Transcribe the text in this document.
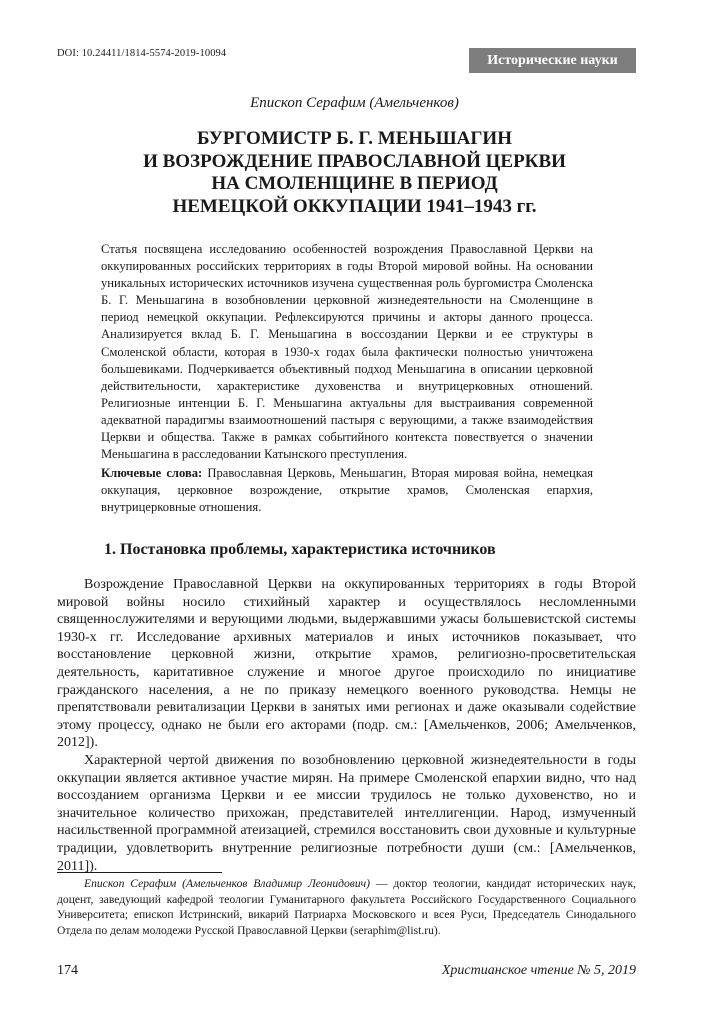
DOI: 10.24411/1814-5574-2019-10094	Исторические науки
Епископ Серафим (Амельченков)
БУРГОМИСТР Б. Г. МЕНЬШАГИН
И ВОЗРОЖДЕНИЕ ПРАВОСЛАВНОЙ ЦЕРКВИ
НА СМОЛЕНЩИНЕ В ПЕРИОД
НЕМЕЦКОЙ ОККУПАЦИИ 1941–1943 гг.
Статья посвящена исследованию особенностей возрождения Православной Церкви на оккупированных российских территориях в годы Второй мировой войны. На основании уникальных исторических источников изучена существенная роль бургомистра Смоленска Б. Г. Меньшагина в возобновлении церковной жизнедеятельности на Смоленщине в период немецкой оккупации. Рефлексируются причины и акторы данного процесса. Анализируется вклад Б. Г. Меньшагина в воссоздании Церкви и ее структуры в Смоленской области, которая в 1930-х годах была фактически полностью уничтожена большевиками. Подчеркивается объективный подход Меньшагина в описании церковной действительности, характеристике духовенства и внутрицерковных отношений. Религиозные интенции Б. Г. Меньшагина актуальны для выстраивания современной адекватной парадигмы взаимоотношений пастыря с верующими, а также взаимодействия Церкви и общества. Также в рамках событийного контекста повествуется о значении Меньшагина в расследовании Катынского преступления.
Ключевые слова: Православная Церковь, Меньшагин, Вторая мировая война, немецкая оккупация, церковное возрождение, открытие храмов, Смоленская епархия, внутрицерковные отношения.
1. Постановка проблемы, характеристика источников

Возрождение Православной Церкви на оккупированных территориях в годы Второй мировой войны носило стихийный характер и осуществлялось несломленными священнослужителями и верующими людьми, выдержавшими ужасы большевистской системы 1930-х гг. Исследование архивных материалов и иных источников показывает, что восстановление церковной жизни, открытие храмов, религиозно-просветительская деятельность, каритативное служение и многое другое происходило по инициативе гражданского населения, а не по приказу немецкого военного руководства. Немцы не препятствовали ревитализации Церкви в занятых ими регионах и даже оказывали содействие этому процессу, однако не были его акторами (подр. см.: [Амельченков, 2006; Амельченков, 2012]).

Характерной чертой движения по возобновлению церковной жизнедеятельности в годы оккупации является активное участие мирян. На примере Смоленской епархии видно, что над воссозданием организма Церкви и ее миссии трудилось не только духовенство, но и значительное количество прихожан, представителей интеллигенции. Народ, измученный насильственной программной атеизацией, стремился восстановить свои духовные и культурные традиции, удовлетворить внутренние религиозные потребности души (см.: [Амельченков, 2011]).

Епископ Серафим (Амельченков Владимир Леонидович) — доктор теологии, кандидат исторических наук, доцент, заведующий кафедрой теологии Гуманитарного факультета Российского Государственного Социального Университета; епископ Истринский, викарий Патриарха Московского и всея Руси, Председатель Синодального Отдела по делам молодежи Русской Православной Церкви (seraphim@list.ru).
174	Христианское чтение № 5, 2019
